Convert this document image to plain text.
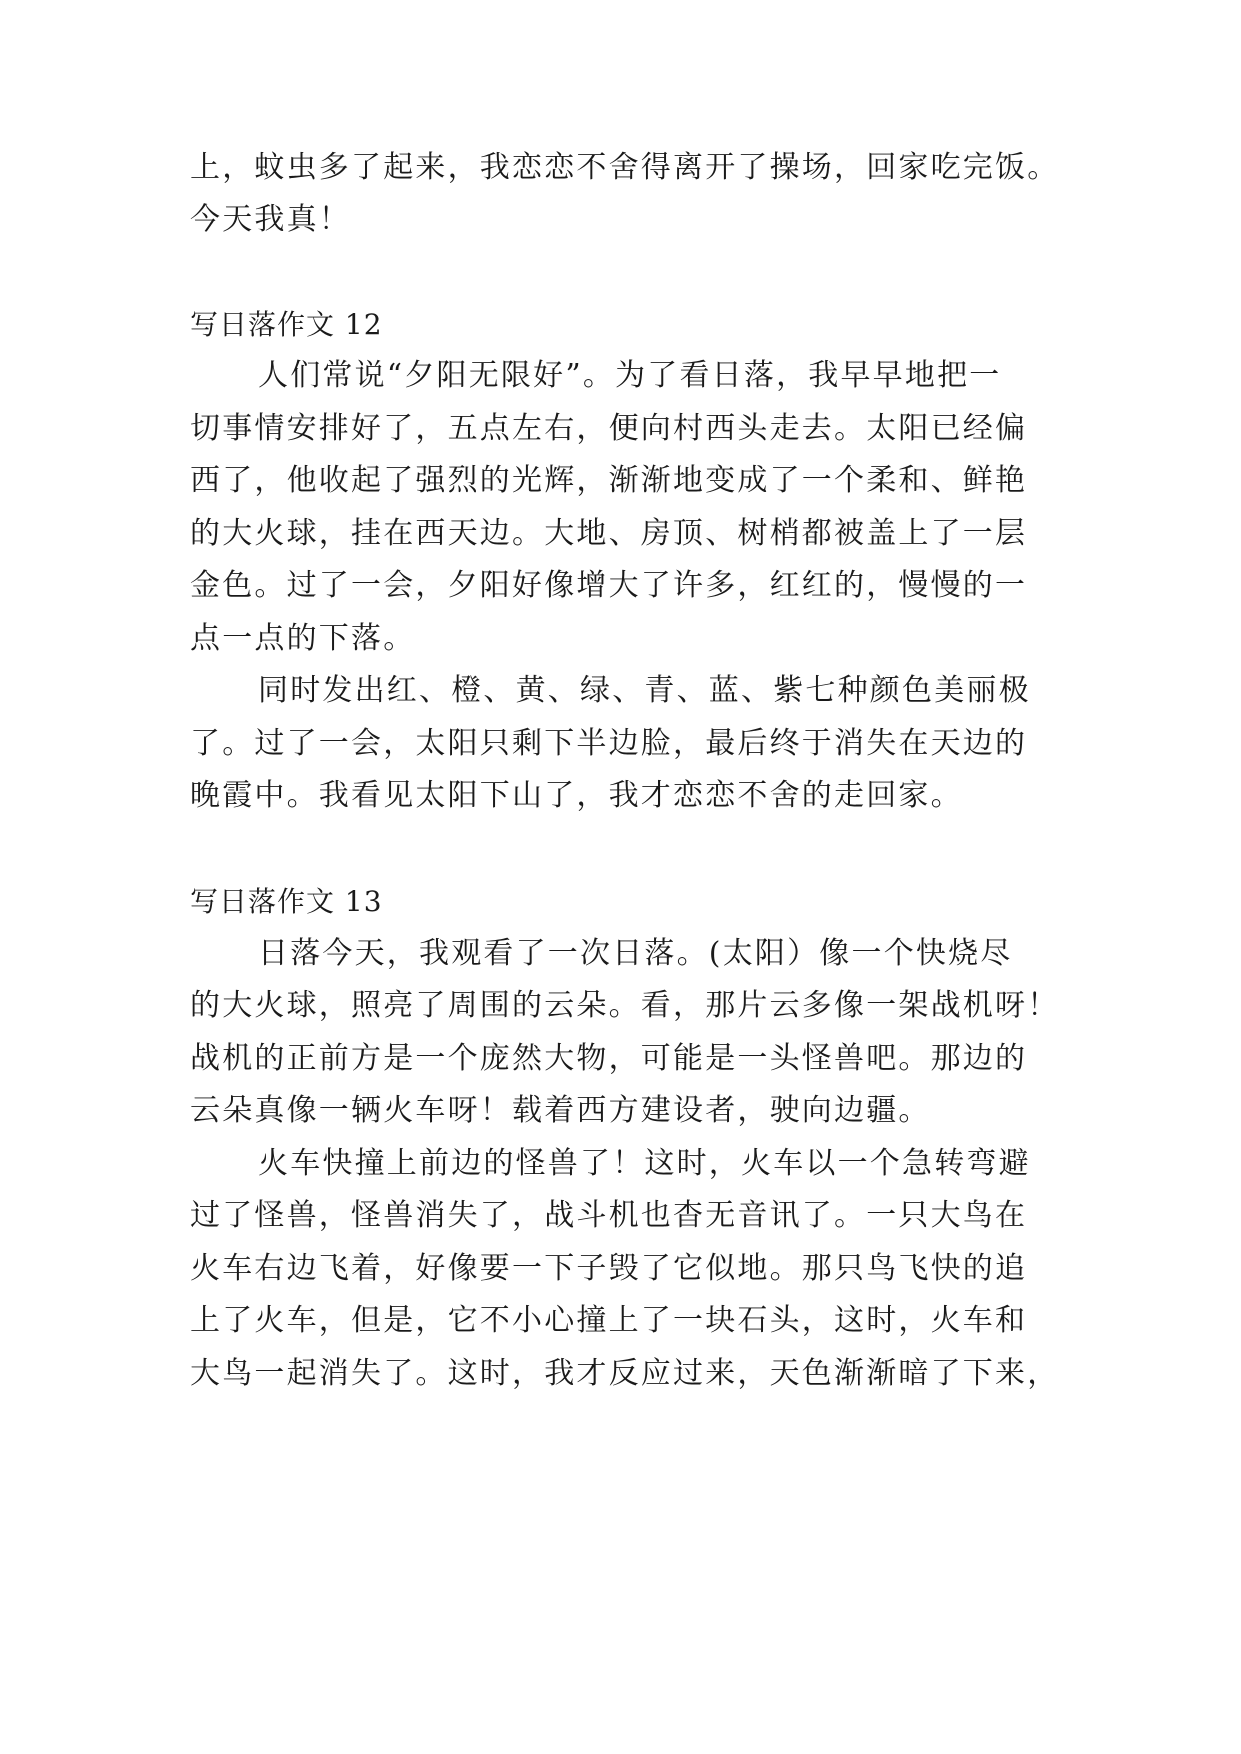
上，蚊虫多了起来，我恋恋不舍得离开了操场，回家吃完饭。
今天我真！
写日落作文 12
人们常说“夕阳无限好”。为了看日落，我早早地把一
切事情安排好了，五点左右，便向村西头走去。太阳已经偏
西了，他收起了强烈的光辉，渐渐地变成了一个柔和、鲜艳
的大火球，挂在西天边。大地、房顶、树梢都被盖上了一层
金色。过了一会，夕阳好像增大了许多，红红的，慢慢的一
点一点的下落。
同时发出红、橙、黄、绿、青、蓝、紫七种颜色美丽极
了。过了一会，太阳只剩下半边脸，最后终于消失在天边的
晚霞中。我看见太阳下山了，我才恋恋不舍的走回家。
写日落作文 13
日落今天，我观看了一次日落。(太阳）像一个快烧尽
的大火球，照亮了周围的云朵。看，那片云多像一架战机呀！
战机的正前方是一个庞然大物，可能是一头怪兽吧。那边的
云朵真像一辆火车呀！载着西方建设者，驶向边疆。
火车快撞上前边的怪兽了！这时，火车以一个急转弯避
过了怪兽，怪兽消失了，战斗机也杳无音讯了。一只大鸟在
火车右边飞着，好像要一下子毁了它似地。那只鸟飞快的追
上了火车，但是，它不小心撞上了一块石头，这时，火车和
大鸟一起消失了。这时，我才反应过来，天色渐渐暗了下来，
